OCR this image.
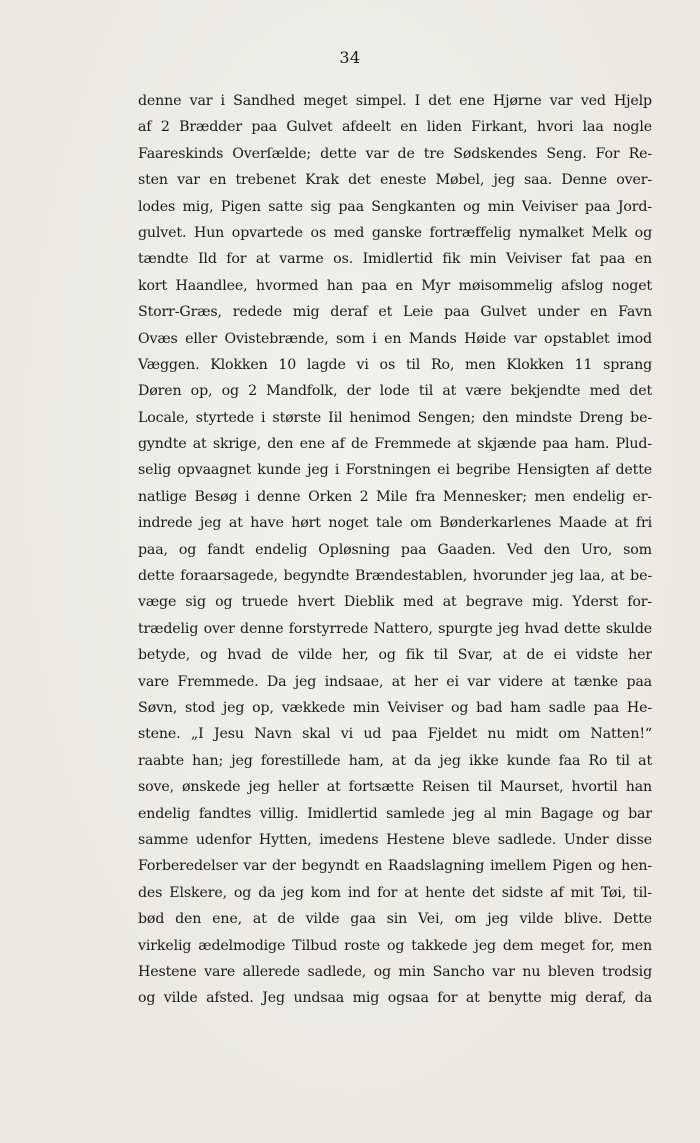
34
denne var i Sandhed meget simpel. I det ene Hjørne var ved Hjelp
af 2 Brædder paa Gulvet afdeelt en liden Firkant, hvori laa nogle
Faareskinds Overſælde; dette var de tre Sødskendes Seng. For Re-
sten var en trebenet Krak det eneste Møbel, jeg saa. Denne over-
lodes mig, Pigen satte sig paa Sengkanten og min Veiviser paa Jord-
gulvet. Hun opvartede os med ganske fortræffelig nymalket Melk og
tændte Ild for at varme os. Imidlertid fik min Veiviser fat paa en
kort Haandlee, hvormed han paa en Myr møisommelig afslog noget
Storr-Græs, redede mig deraf et Leie paa Gulvet under en Favn
Ovæs eller Ovistebrænde, som i en Mands Høide var opstablet imod
Væggen. Klokken 10 lagde vi os til Ro, men Klokken 11 sprang
Døren op, og 2 Mandfolk, der lode til at være bekjendte med det
Locale, styrtede i største Iil henimod Sengen; den mindste Dreng be-
gyndte at skrige, den ene af de Fremmede at skjænde paa ham. Plud-
selig opvaagnet kunde jeg i Forstningen ei begribe Hensigten af dette
natlige Besøg i denne Orken 2 Mile fra Mennesker; men endelig er-
indrede jeg at have hørt noget tale om Bønderkarlenes Maade at fri
paa, og fandt endelig Opløsning paa Gaaden. Ved den Uro, som
dette foraarsagede, begyndte Brændestablen, hvorunder jeg laa, at be-
væge sig og truede hvert Dieblik med at begrave mig. Yderst for-
trædelig over denne forstyrrede Nattero, spurgte jeg hvad dette skulde
betyde, og hvad de vilde her, og fik til Svar, at de ei vidste her
vare Fremmede. Da jeg indsaae, at her ei var videre at tænke paa
Søvn, stod jeg op, vækkede min Veiviser og bad ham sadle paa He-
stene. „I Jesu Navn skal vi ud paa Fjeldet nu midt om Natten!“
raabte han; jeg forestillede ham, at da jeg ikke kunde faa Ro til at
sove, ønskede jeg heller at fortsætte Reisen til Maurset, hvortil han
endelig fandtes villig. Imidlertid samlede jeg al min Bagage og bar
samme udenfor Hytten, imedens Hestene bleve sadlede. Under disse
Forberedelser var der begyndt en Raadslagning imellem Pigen og hen-
des Elskere, og da jeg kom ind for at hente det sidste af mit Tøi, til-
bød den ene, at de vilde gaa sin Vei, om jeg vilde blive. Dette
virkelig ædelmodige Tilbud roste og takkede jeg dem meget for, men
Hestene vare allerede sadlede, og min Sancho var nu bleven trodsig
og vilde afsted. Jeg undsaa mig ogsaa for at benytte mig deraf, da
